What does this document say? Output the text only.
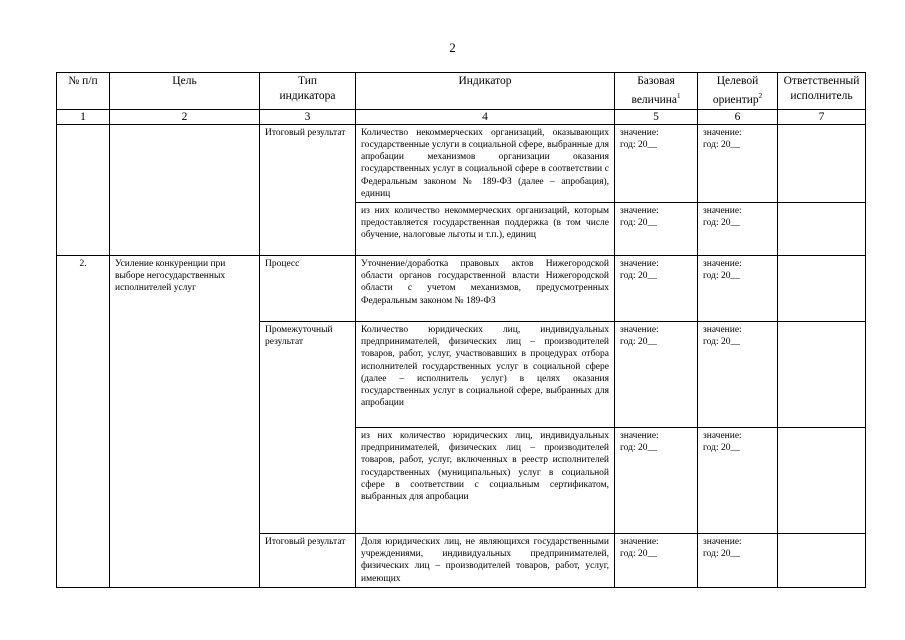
2
№ п/п	Цель	Тип
индикатора	Индикатор	Базовая
величина$^1$	Целевой
ориентир$^2$	Ответственный
исполнитель

1	2	3	4	5	6	7
		Итоговый результат	Количество некоммерческих организаций, оказывающих государственные услуги в социальной сфере, выбранные для апробации механизмов организации оказания государственных услуг в социальной сфере в соответствии с Федеральным законом № 189-ФЗ (далее – апробация), единиц	значение:
год: 20__	значение:
год: 20__	

			из них количество некоммерческих организаций, которым предоставляется государственная поддержка (в том числе обучение, налоговые льготы и т.п.), единиц	значение:
год: 20__	значение:
год: 20__	

2.	Усиление конкуренции при выборе негосударственных исполнителей услуг	Процесс	Уточнение/доработка правовых актов Нижегородской области органов государственной власти Нижегородской области с учетом механизмов, предусмотренных Федеральным законом № 189-ФЗ	значение:
год: 20__	значение:
год: 20__	

		Промежуточный результат	Количество юридических лиц, индивидуальных предпринимателей, физических лиц – производителей товаров, работ, услуг, участвовавших в процедурах отбора исполнителей государственных услуг в социальной сфере (далее – исполнитель услуг) в целях оказания государственных услуг в социальной сфере, выбранных для апробации	значение:
год: 20__	значение:
год: 20__	

			из них количество юридических лиц, индивидуальных предпринимателей, физических лиц – производителей товаров, работ, услуг, включенных в реестр исполнителей государственных (муниципальных) услуг в социальной сфере в соответствии с социальным сертификатом, выбранных для апробации	значение:
год: 20__	значение:
год: 20__	

		Итоговый результат	Доля юридических лиц, не являющихся государственными учреждениями, индивидуальных предпринимателей, физических лиц – производителей товаров, работ, услуг, имеющих	значение:
год: 20__	значение:
год: 20__	
